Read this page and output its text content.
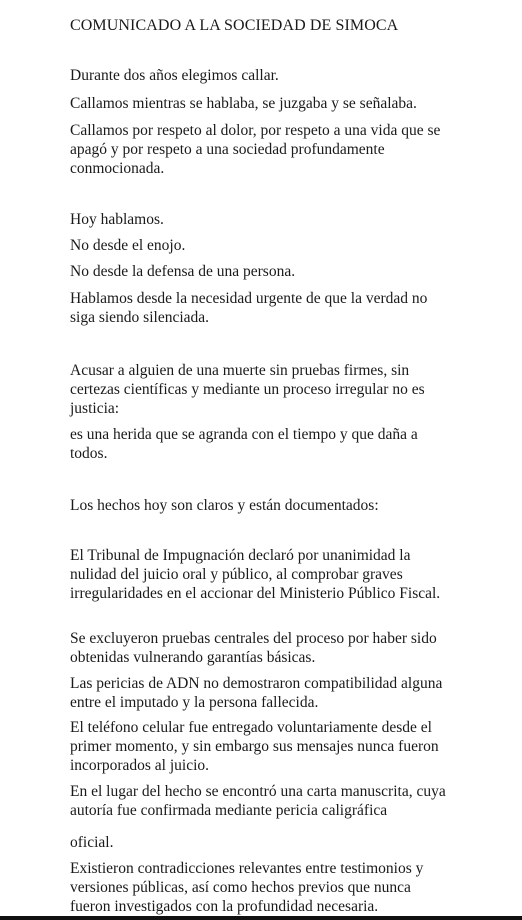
COMUNICADO A LA SOCIEDAD DE SIMOCA

Durante dos años elegimos callar.

Callamos mientras se hablaba, se juzgaba y se señalaba.

Callamos por respeto al dolor, por respeto a una vida que se apagó y por respeto a una sociedad profundamente conmocionada.

Hoy hablamos.

No desde el enojo.

No desde la defensa de una persona.

Hablamos desde la necesidad urgente de que la verdad no siga siendo silenciada.

Acusar a alguien de una muerte sin pruebas firmes, sin certezas científicas y mediante un proceso irregular no es justicia:

es una herida que se agranda con el tiempo y que daña a todos.

Los hechos hoy son claros y están documentados:

El Tribunal de Impugnación declaró por unanimidad la nulidad del juicio oral y público, al comprobar graves irregularidades en el accionar del Ministerio Público Fiscal.

Se excluyeron pruebas centrales del proceso por haber sido obtenidas vulnerando garantías básicas.

Las pericias de ADN no demostraron compatibilidad alguna entre el imputado y la persona fallecida.

El teléfono celular fue entregado voluntariamente desde el primer momento, y sin embargo sus mensajes nunca fueron incorporados al juicio.

En el lugar del hecho se encontró una carta manuscrita, cuya autoría fue confirmada mediante pericia caligráfica

oficial.

Existieron contradicciones relevantes entre testimonios y versiones públicas, así como hechos previos que nunca fueron investigados con la profundidad necesaria.
